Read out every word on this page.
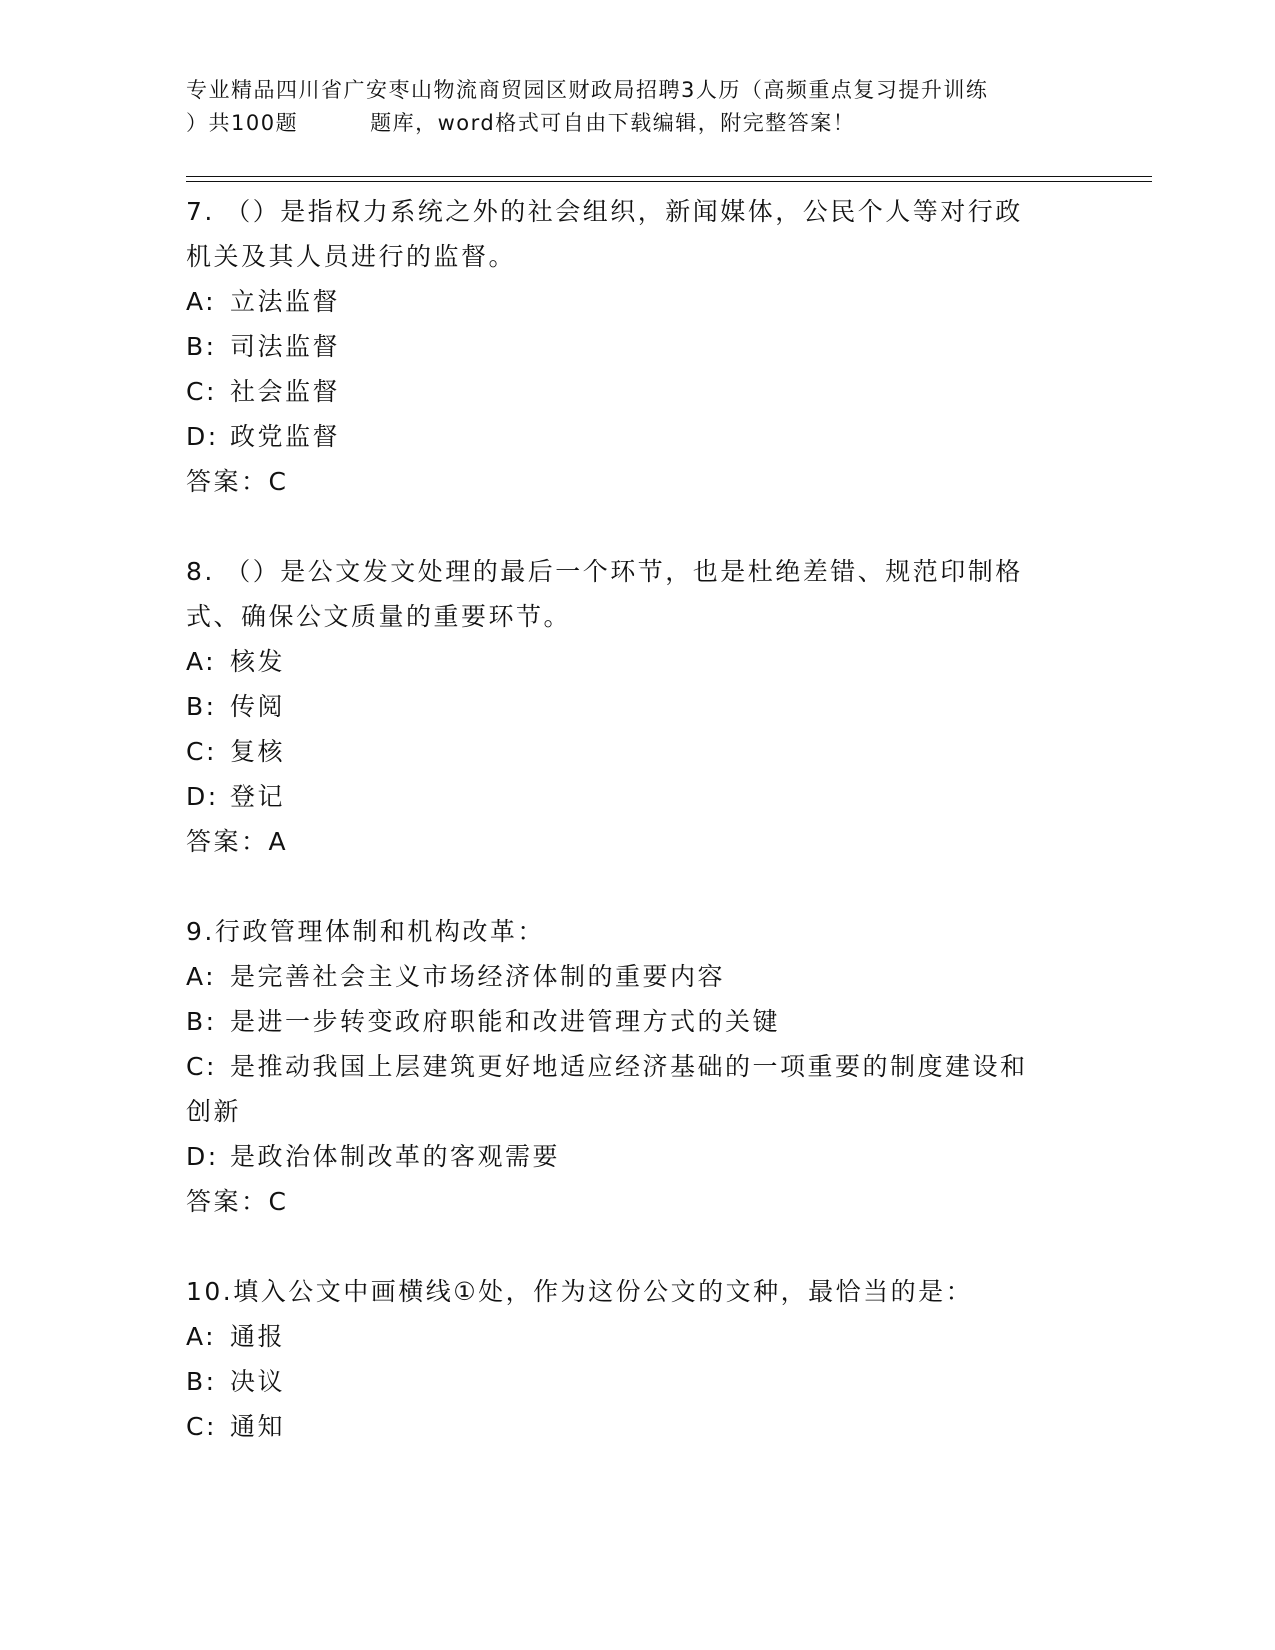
专业精品四川省广安枣山物流商贸园区财政局招聘3人历（高频重点复习提升训练
）共100题	题库，word格式可自由下载编辑，附完整答案！
7. （）是指权力系统之外的社会组织，新闻媒体，公民个人等对行政
机关及其人员进行的监督。
A: 立法监督
B: 司法监督
C: 社会监督
D: 政党监督
答案：C
8. （）是公文发文处理的最后一个环节，也是杜绝差错、规范印制格
式、确保公文质量的重要环节。
A: 核发
B: 传阅
C: 复核
D: 登记
答案：A
9.行政管理体制和机构改革：
A: 是完善社会主义市场经济体制的重要内容
B: 是进一步转变政府职能和改进管理方式的关键
C: 是推动我国上层建筑更好地适应经济基础的一项重要的制度建设和
创新
D: 是政治体制改革的客观需要
答案：C
10.填入公文中画横线①处，作为这份公文的文种，最恰当的是：
A: 通报
B: 决议
C: 通知
